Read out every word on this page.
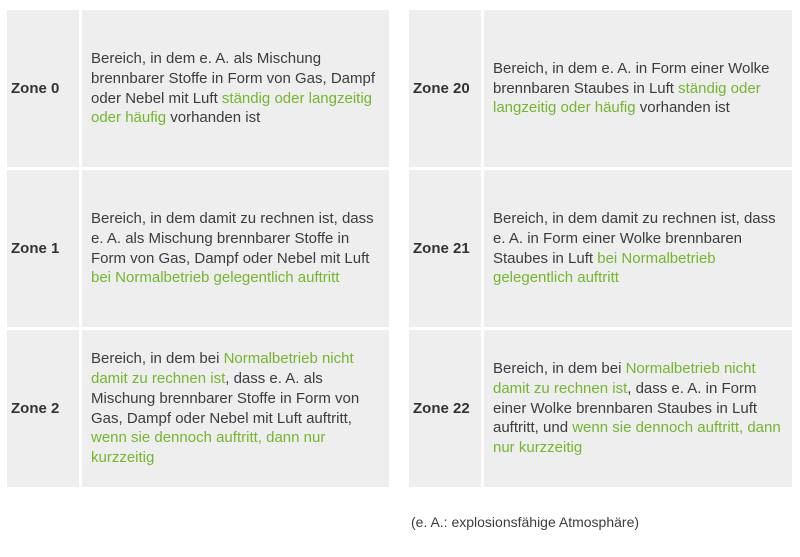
Zone 0

Bereich, in dem e. A. als Mischung brennbarer Stoffe in Form von Gas, Dampf oder Nebel mit Luft ständig oder langzeitig oder häufig vorhanden ist

Zone 1

Bereich, in dem damit zu rechnen ist, dass e. A. als Mischung brennbarer Stoffe in Form von Gas, Dampf oder Nebel mit Luft bei Normalbetrieb gelegentlich auftritt

Zone 2

Bereich, in dem bei Normalbetrieb nicht damit zu rechnen ist, dass e. A. als Mischung brennbarer Stoffe in Form von Gas, Dampf oder Nebel mit Luft auftritt, wenn sie dennoch auftritt, dann nur kurzzeitig

Zone 20

Bereich, in dem e. A. in Form einer Wolke brennbaren Staubes in Luft ständig oder langzeitig oder häufig vorhanden ist

Zone 21

Bereich, in dem damit zu rechnen ist, dass e. A. in Form einer Wolke brennbaren Staubes in Luft bei Normalbetrieb gelegentlich auftritt

Zone 22

Bereich, in dem bei Normalbetrieb nicht damit zu rechnen ist, dass e. A. in Form einer Wolke brennbaren Staubes in Luft auftritt, und wenn sie dennoch auftritt, dann nur kurzzeitig

(e. A.: explosionsfähige Atmosphäre)
